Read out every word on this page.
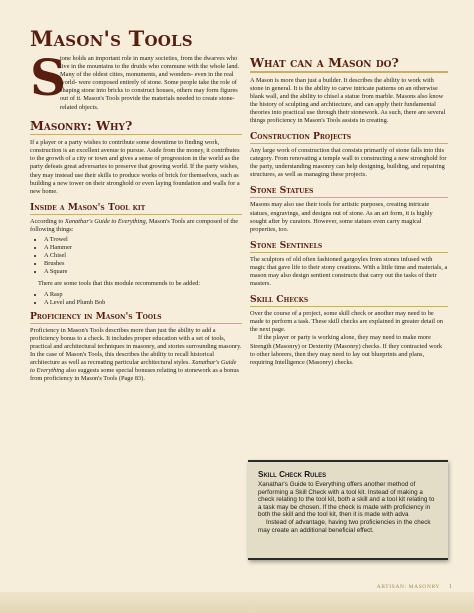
Mason's Tools
S

tone holds an important role in many societies, from the dwarves who live in the mountains to the druids who commune with the whole land. Many of the oldest cities, monuments, and wonders- even in the real world- were composed entirely of stone. Some people take the role of shaping stone into bricks to construct houses, others may form figures out of it. Mason's Tools provide the materials needed to create stone-related objects.

Masonry: Why?

If a player or a party wishes to contribute some downtime to finding work, construction is an excellent avenue to pursue. Aside from the money, it contributes to the growth of a city or town and gives a sense of progression in the world as the party defeats great adversaries to preserve that growing world. If the party wishes, they may instead use their skills to produce works of brick for themselves, such as building a new tower on their stronghold or even laying foundation and walls for a new home.

Inside a Mason's Tool kit

According to Xanathar's Guide to Everything, Mason's Tools are composed of the following things:

• A Trowel
• A Hammer
• A Chisel
• Brushes
• A Square

There are some tools that this module recommends to be added:

• A Rasp
• A Level and Plumb Bob
Proficiency in Mason's Tools

Proficiency in Mason's Tools describes more than just the ability to add a proficiency bonus to a check. It includes proper education with a set of tools, practical and architectural techniques in masonry, and stories surrounding masonry. In the case of Mason's Tools, this describes the ability to recall historical architecture as well as recreating particular architectural styles. Xanathar's Guide to Everything also suggests some special bonuses relating to stonework as a bonus from proficiency in Mason's Tools (Page 83).

What can a Mason do?

A Mason is more than just a builder. It describes the ability to work with stone in general. It is the ability to carve intricate patterns on an otherwise blank wall, and the ability to chisel a statue from marble. Masons also know the history of sculpting and architecture, and can apply their fundamental theories into practical use through their stonework. As such, there are several things proficiency in Mason's Tools assists in creating.

Construction Projects

Any large work of construction that consists primarily of stone falls into this category. From renovating a temple wall to constructing a new stronghold for the party, understanding masonry can help designing, building, and repairing structures, as well as managing these projects.

Stone Statues

Masons may also use their tools for artistic purposes, creating intricate statues, engravings, and designs out of stone. As an art form, it is highly sought after by curators. However, some statues even carry magical properties, too.

Stone Sentinels

The sculptors of old often fashioned gargoyles from stones infused with magic that gave life to their stony creations. With a little time and materials, a mason may also design sentient constructs that carry out the tasks of their masters.

Skill Checks

Over the course of a project, some skill check or another may need to be made to perform a task. These skill checks are explained in greater detail on the next page.

If the player or party is working alone, they may need to make more Strength (Masonry) or Dexterity (Masonry) checks. If they contracted work to other laborers, then they may need to lay out blueprints and plans, requiring Intelligence (Masonry) checks.

Skill Check Rules

Xanathar's Guide to Everything offers another method of performing a Skill Check with a tool kit. Instead of making a check relating to the tool kit, both a skill and a tool kit relating to a task may be chosen. If the check is made with proficiency in both the skill and the tool kit, then it is made with adva

Instead of advantage, having two proficiencies in the check may create an additional beneficial effect.

ARTISAN: MASONRY 1
